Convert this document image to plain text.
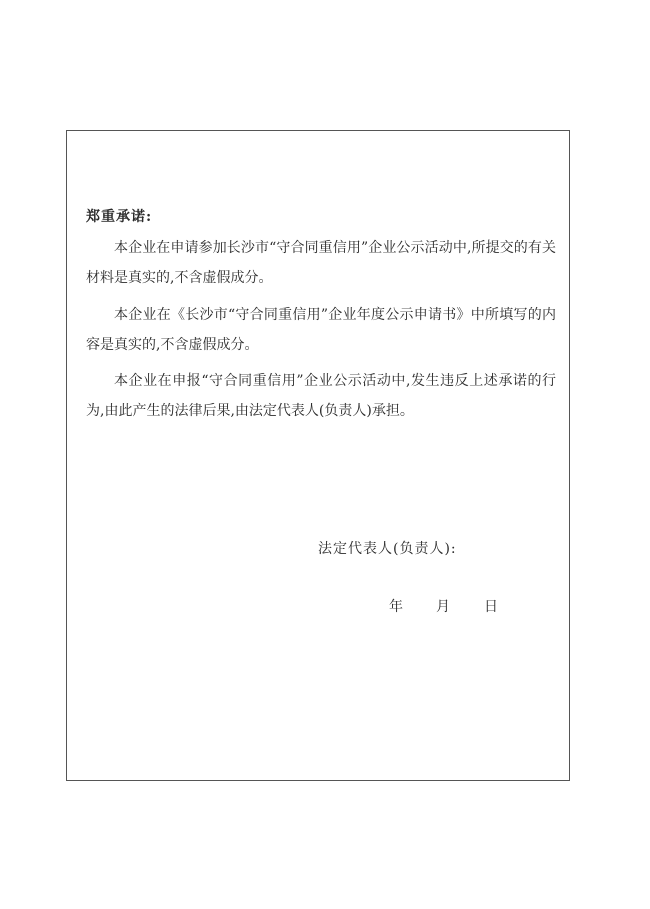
郑重承诺:

本企业在申请参加长沙市“守合同重信用”企业公示活动中,所提交的有关材料是真实的,不含虚假成分。

本企业在《长沙市“守合同重信用”企业年度公示申请书》中所填写的内容是真实的,不含虚假成分。

本企业在申报“守合同重信用”企业公示活动中,发生违反上述承诺的行为,由此产生的法律后果,由法定代表人(负责人)承担。

法定代表人(负责人):
年 月 日
